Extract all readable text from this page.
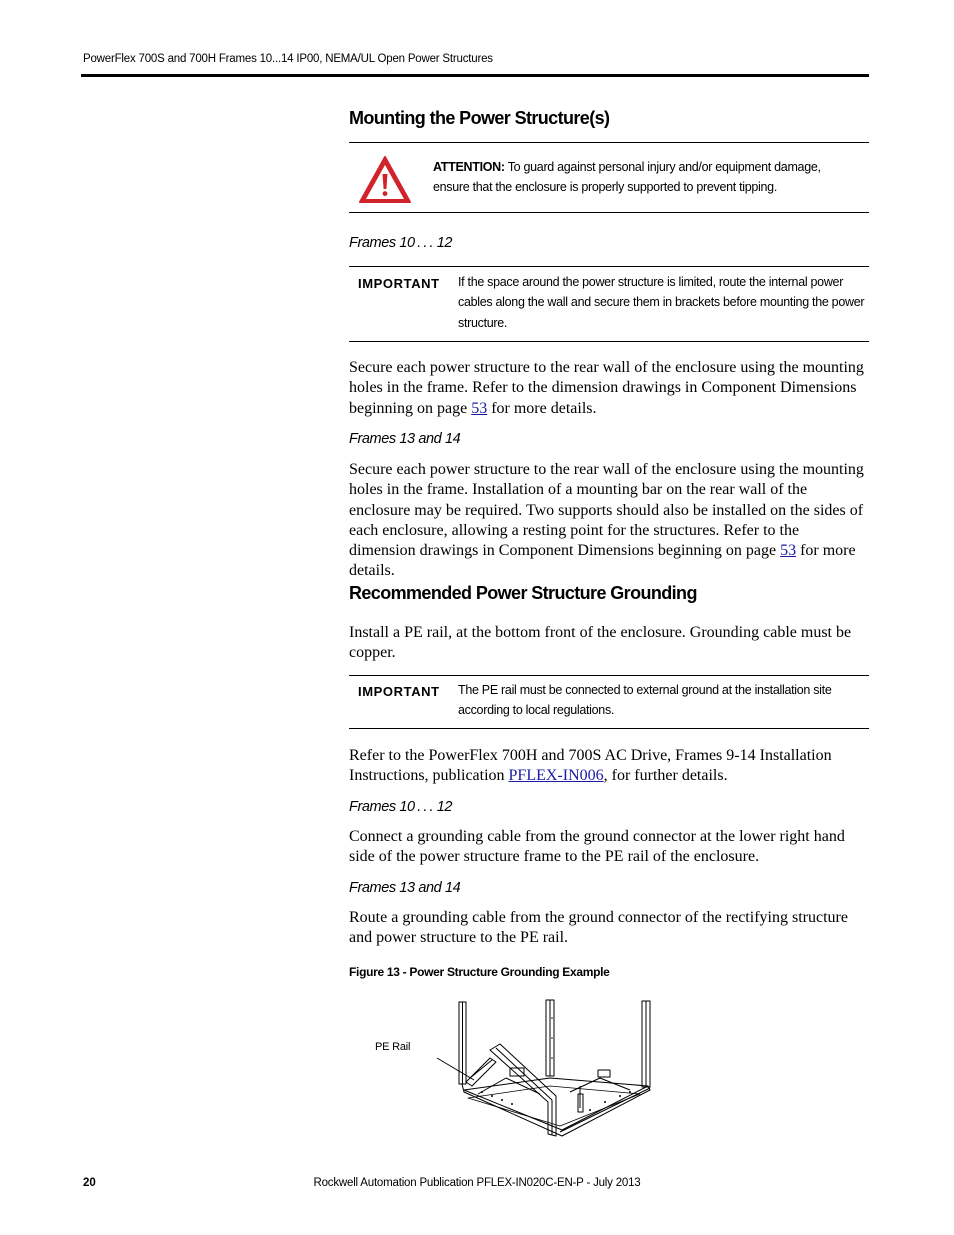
PowerFlex 700S and 700H Frames 10...14 IP00, NEMA/UL Open Power Structures
Mounting the Power Structure(s)
ATTENTION: To guard against personal injury and/or equipment damage,
ensure that the enclosure is properly supported to prevent tipping.
Frames 10 . . . 12
IMPORTANT If the space around the power structure is limited, route the internal power cables along the wall and secure them in brackets before mounting the power structure.
Secure each power structure to the rear wall of the enclosure using the mounting holes in the frame. Refer to the dimension drawings in Component Dimensions beginning on page 53 for more details.
Frames 13 and 14
Secure each power structure to the rear wall of the enclosure using the mounting holes in the frame. Installation of a mounting bar on the rear wall of the enclosure may be required. Two supports should also be installed on the sides of each enclosure, allowing a resting point for the structures. Refer to the dimension drawings in Component Dimensions beginning on page 53 for more details.
Recommended Power Structure Grounding
Install a PE rail, at the bottom front of the enclosure. Grounding cable must be copper.
IMPORTANT The PE rail must be connected to external ground at the installation site according to local regulations.
Refer to the PowerFlex 700H and 700S AC Drive, Frames 9-14 Installation Instructions, publication PFLEX-IN006, for further details.
Frames 10 . . . 12
Connect a grounding cable from the ground connector at the lower right hand side of the power structure frame to the PE rail of the enclosure.
Frames 13 and 14
Route a grounding cable from the ground connector of the rectifying structure and power structure to the PE rail.
Figure 13 - Power Structure Grounding Example
PE Rail
20	Rockwell Automation Publication PFLEX-IN020C-EN-P - July 2013
